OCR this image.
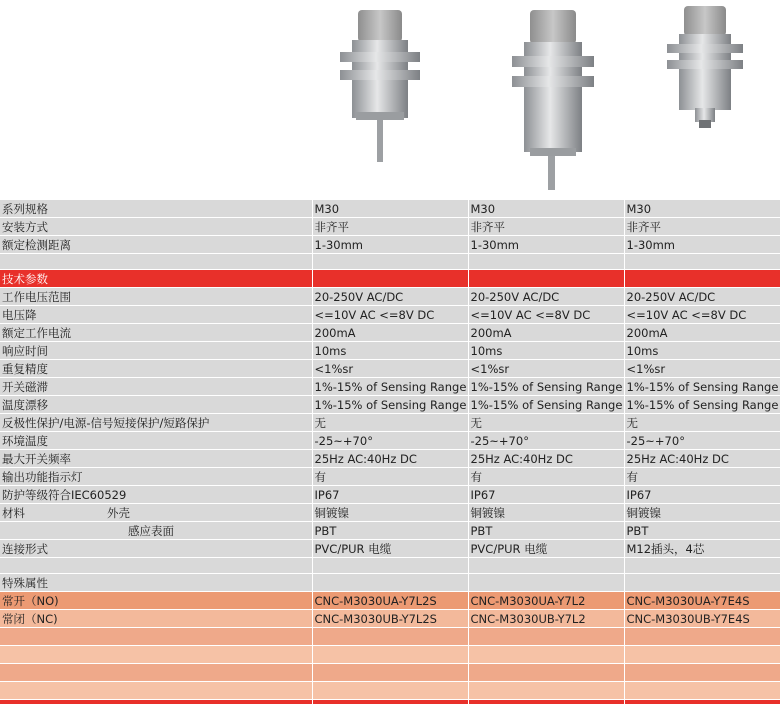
系列规格	M30	M30	M30
安装方式	非齐平	非齐平	非齐平
额定检测距离	1-30mm	1-30mm	1-30mm

技术参数			
工作电压范围	20-250V AC/DC	20-250V AC/DC	20-250V AC/DC
电压降	<=10V AC <=8V DC	<=10V AC <=8V DC	<=10V AC <=8V DC
额定工作电流	200mA	200mA	200mA
响应时间	10ms	10ms	10ms
重复精度	<1%sr	<1%sr	<1%sr
开关磁滞	1%-15% of Sensing Range	1%-15% of Sensing Range	1%-15% of Sensing Range
温度漂移	1%-15% of Sensing Range	1%-15% of Sensing Range	1%-15% of Sensing Range
反极性保护/电源-信号短接保护/短路保护	无	无	无
环境温度	-25~+70°	-25~+70°	-25~+70°
最大开关频率	25Hz AC:40Hz DC	25Hz AC:40Hz DC	25Hz AC:40Hz DC
输出功能指示灯	有	有	有
防护等级符合IEC60529	IP67	IP67	IP67
材料 外壳	铜镀镍	铜镀镍	铜镀镍
感应表面	PBT	PBT	PBT
连接形式	PVC/PUR 电缆	PVC/PUR 电缆	M12插头，4芯

特殊属性			
常开（NO)	CNC-M3030UA-Y7L2S	CNC-M3030UA-Y7L2	CNC-M3030UA-Y7E4S
常闭（NC)	CNC-M3030UB-Y7L2S	CNC-M3030UB-Y7L2	CNC-M3030UB-Y7E4S
